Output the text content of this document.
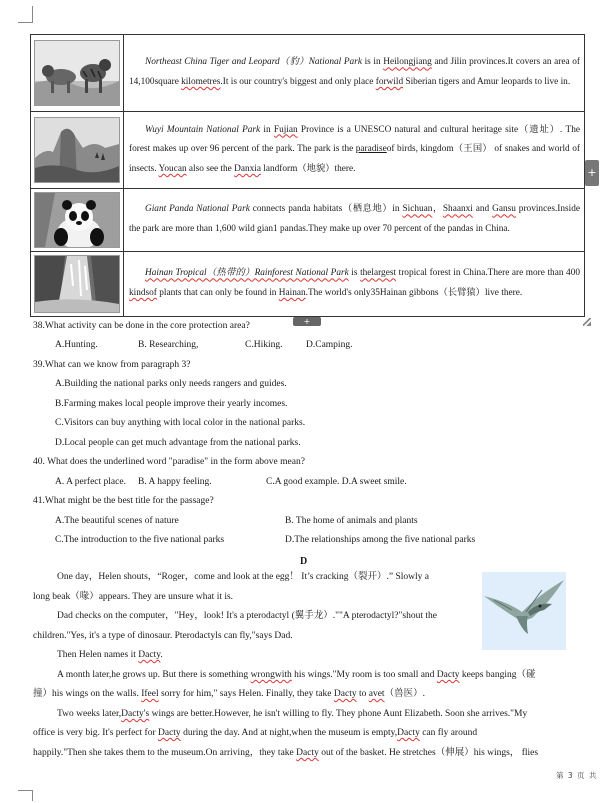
	Northeast China Tiger and Leopard（豹）National Park is in Heilongjiang and Jilin provinces.It covers an area of 14,100square kilometres.It is our country's biggest and only place forwild Siberian tigers and Amur leopards to live in.

	Wuyi Mountain National Park in Fujian Province is a UNESCO natural and cultural heritage site（遗址）. The forest makes up over 96 percent of the park. The park is the paradiseof birds, kingdom（王国） of snakes and world of insects. Youcan also see the Danxia landform（地貌）there.

	Giant Panda National Park connects panda habitats（栖息地）in Sichuan，Shaanxi and Gansu provinces.Inside the park are more than 1,600 wild gian1 pandas.They make up over 70 percent of the pandas in China.

	Hainan Tropical（热带的）Rainforest National Park is thelargest tropical forest in China.There are more than 400 kindsof plants that can only be found in Hainan.The world's only35Hainan gibbons（长臂猿）live there.
+
+
38.What activity can be done in the core protection area?
A.Hunting.	B. Researching,	C.Hiking. D.Camping.
39.What can we know from paragraph 3?
A.Building the national parks only needs rangers and guides.
B.Farming makes local people improve their yearly incomes.
C.Visitors can buy anything with local color in the national parks.
D.Local people can get much advantage from the national parks.
40. What does the underlined word "paradise" in the form above mean?
A. A perfect place. B. A happy feeling.	C.A good example. D.A sweet smile.
41.What might be the best title for the passage?
A.The beautiful scenes of nature	B. The home of animals and plants
C.The introduction to the five national parks	D.The relationships among the five national parks
D
One day，Helen shouts，“Roger，come and look at the egg！ It’s cracking（裂开）.” Slowly a
long beak（喙）appears. They are unsure what it is.
Dad checks on the computer，"Hey，look! It's a pterodactyl (翼手龙）.""A pterodactyl?"shout the
children."Yes, it's a type of dinosaur. Pterodactyls can fly,"says Dad.
Then Helen names it Dacty.
A month later,he grows up. But there is something wrongwith his wings."My room is too small and Dacty keeps banging（碰
撞）his wings on the walls. Ifeel sorry for him," says Helen. Finally, they take Dacty to avet（兽医）.
Two weeks later,Dacty's wings are better.However, he isn't willing to fly. They phone Aunt Elizabeth. Soon she arrives."My
office is very big. It's perfect for Dacty during the day. And at night,when the museum is empty,Dacty can fly around
happily."Then she takes them to the museum.On arriving，they take Dacty out of the basket. He stretches（伸展）his wings， flies
第 3 页 共
